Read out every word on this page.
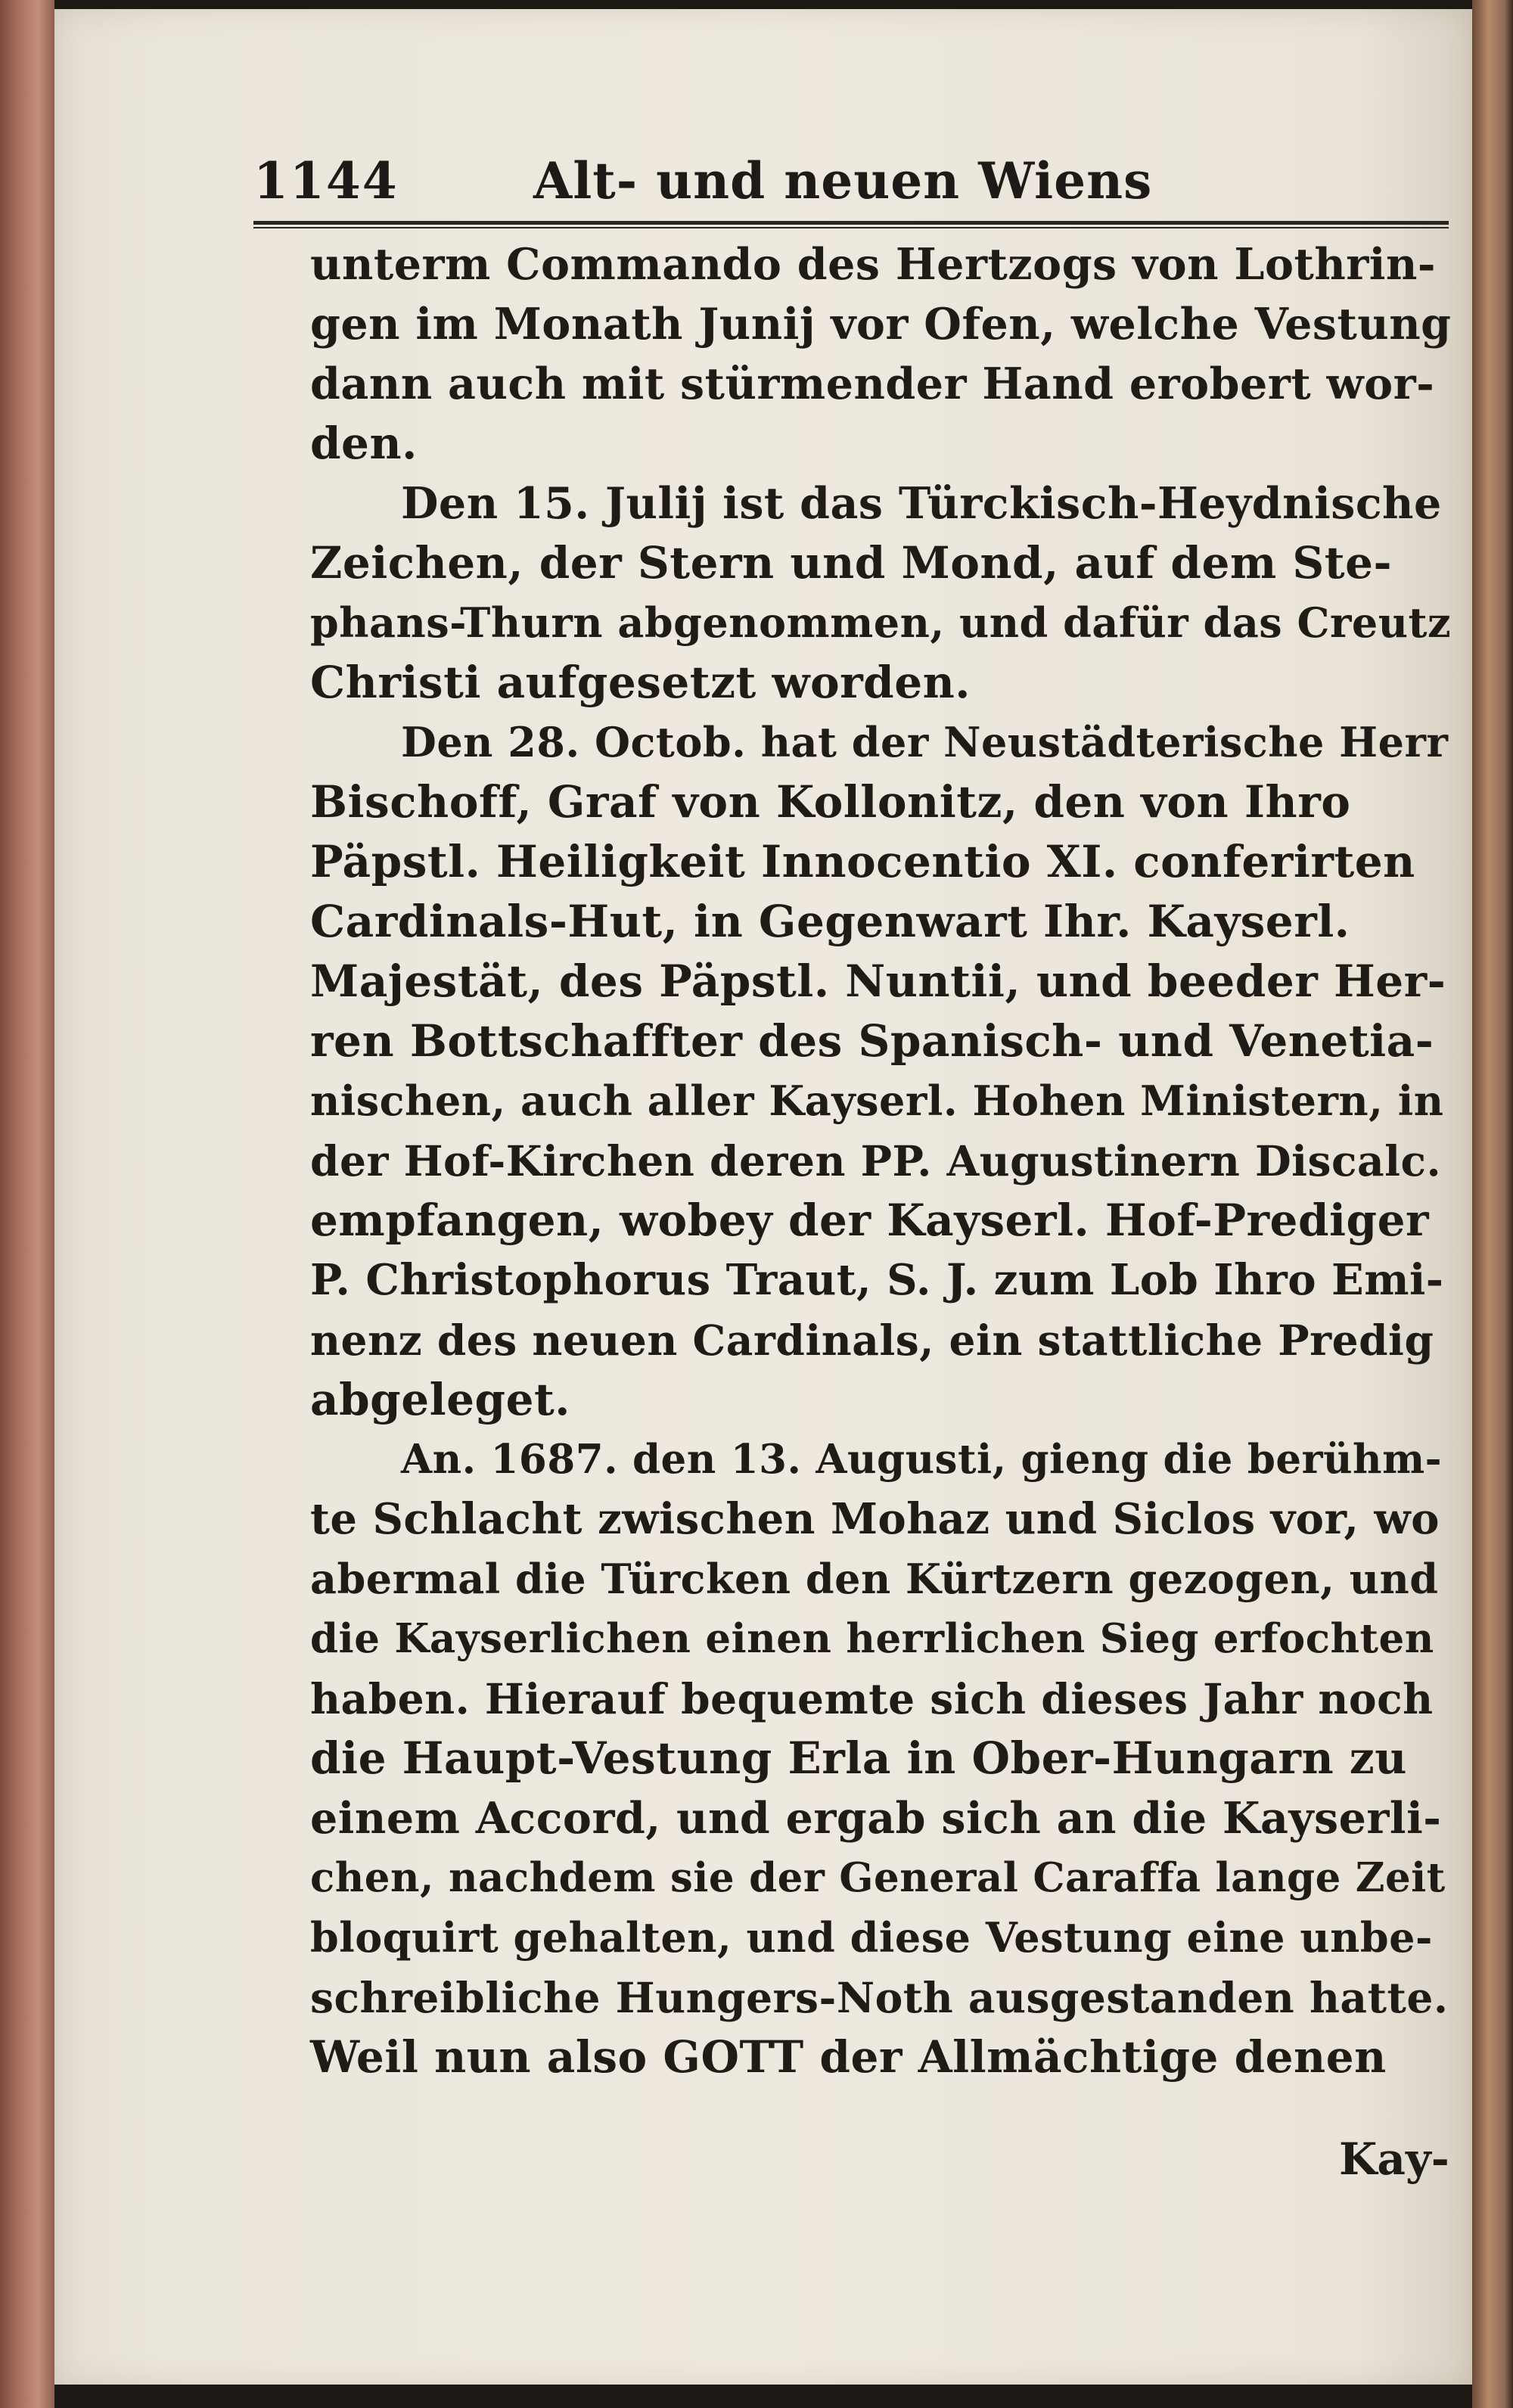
1144	Alt- und neuen Wiens
unterm Commando des Hertzogs von Lothrin-
gen im Monath Junij vor Ofen, welche Vestung
dann auch mit stürmender Hand erobert wor-
den.
Den 15. Julij ist das Türckisch-Heydnische
Zeichen, der Stern und Mond, auf dem Ste-
phans-Thurn abgenommen, und dafür das Creutz
Christi aufgesetzt worden.
Den 28. Octob. hat der Neustädterische Herr
Bischoff, Graf von Kollonitz, den von Ihro
Päpstl. Heiligkeit Innocentio XI. conferirten
Cardinals-Hut, in Gegenwart Ihr. Kayserl.
Majestät, des Päpstl. Nuntii, und beeder Her-
ren Bottschaffter des Spanisch- und Venetia-
nischen, auch aller Kayserl. Hohen Ministern, in
der Hof-Kirchen deren PP. Augustinern Discalc.
empfangen, wobey der Kayserl. Hof-Prediger
P. Christophorus Traut, S. J. zum Lob Ihro Emi-
nenz des neuen Cardinals, ein stattliche Predig
abgeleget.
An. 1687. den 13. Augusti, gieng die berühm-
te Schlacht zwischen Mohaz und Siclos vor, wo
abermal die Türcken den Kürtzern gezogen, und
die Kayserlichen einen herrlichen Sieg erfochten
haben. Hierauf bequemte sich dieses Jahr noch
die Haupt-Vestung Erla in Ober-Hungarn zu
einem Accord, und ergab sich an die Kayserli-
chen, nachdem sie der General Caraffa lange Zeit
bloquirt gehalten, und diese Vestung eine unbe-
schreibliche Hungers-Noth ausgestanden hatte.
Weil nun also GOTT der Allmächtige denen
Kay-
